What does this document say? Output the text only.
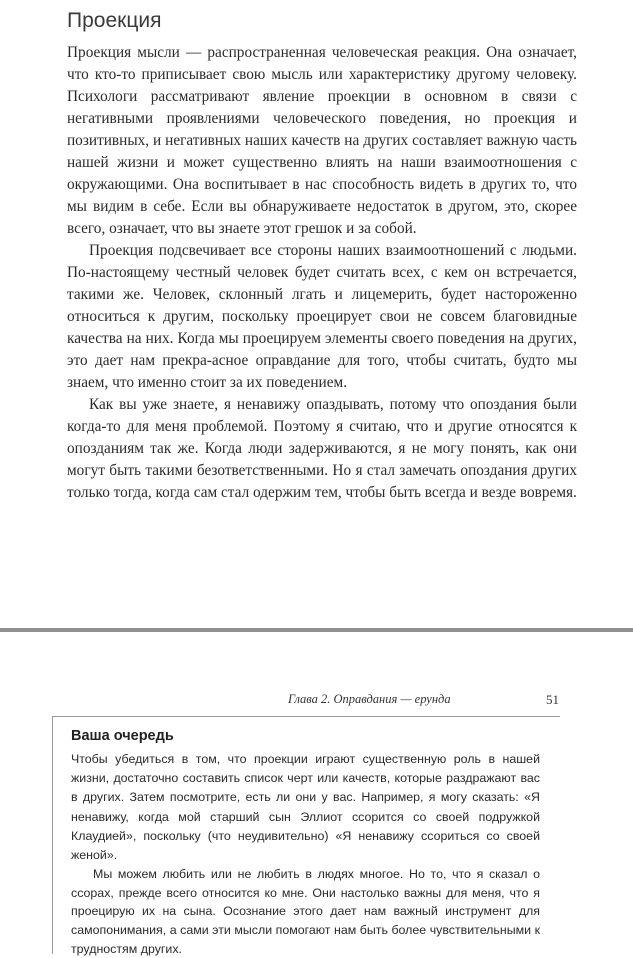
Проекция

Проекция мысли — распространенная человеческая реакция. Она означает, что кто-то приписывает свою мысль или характеристику другому человеку. Психологи рассматривают явление проекции в основном в связи с негативными проявлениями человеческого поведения, но проекция и позитивных, и негативных наших качеств на других составляет важную часть нашей жизни и может существенно влиять на наши взаимоотношения с окружающими. Она воспитывает в нас способность видеть в других то, что мы видим в себе. Если вы обнаруживаете недостаток в другом, это, скорее всего, означает, что вы знаете этот грешок и за собой.

Проекция подсвечивает все стороны наших взаимоотношений с людьми. По-настоящему честный человек будет считать всех, с кем он встречается, такими же. Человек, склонный лгать и лицемерить, будет настороженно относиться к другим, поскольку проецирует свои не совсем благовидные качества на них. Когда мы проецируем элементы своего поведения на других, это дает нам прекра-асное оправдание для того, чтобы считать, будто мы знаем, что именно стоит за их поведением.

Как вы уже знаете, я ненавижу опаздывать, потому что опоздания были когда-то для меня проблемой. Поэтому я считаю, что и другие относятся к опозданиям так же. Когда люди задерживаются, я не могу понять, как они могут быть такими безответственными. Но я стал замечать опоздания других только тогда, когда сам стал одержим тем, чтобы быть всегда и везде вовремя.

Глава 2. Оправдания — ерунда	51
Ваша очередь

Чтобы убедиться в том, что проекции играют существенную роль в нашей жизни, достаточно составить список черт или качеств, которые раздражают вас в других. Затем посмотрите, есть ли они у вас. Например, я могу сказать: «Я ненавижу, когда мой старший сын Эллиот ссорится со своей подружкой Клаудией», поскольку (что неудивительно) «Я ненавижу ссориться со своей женой».

Мы можем любить или не любить в людях многое. Но то, что я сказал о ссорах, прежде всего относится ко мне. Они настолько важны для меня, что я проецирую их на сына. Осознание этого дает нам важный инструмент для самопонимания, а сами эти мысли помогают нам быть более чувствительными к трудностям других.
